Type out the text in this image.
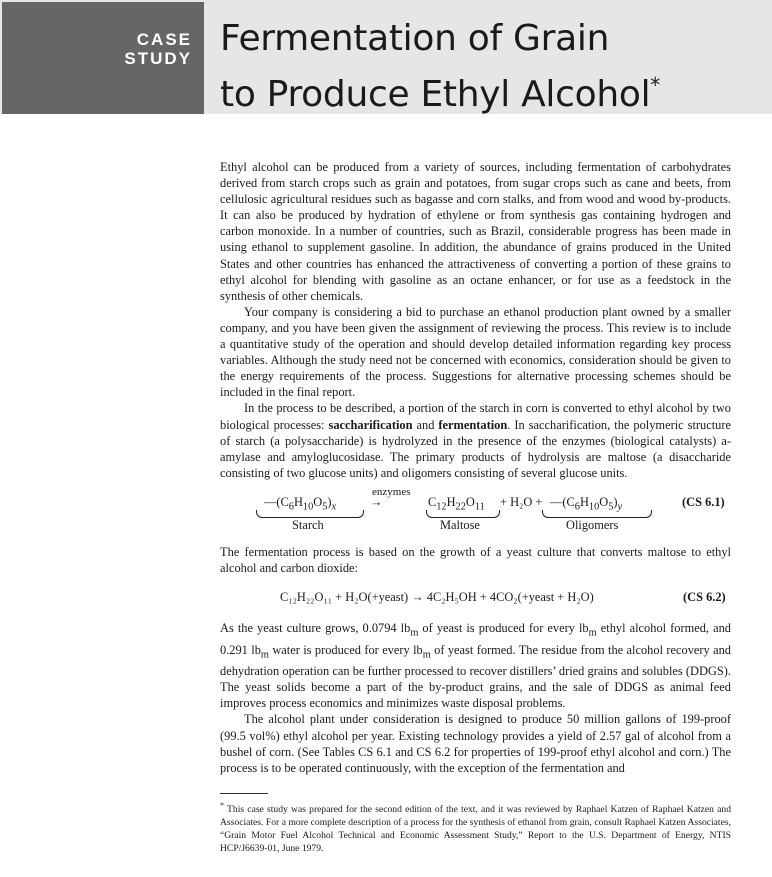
CASE
STUDY Fermentation of Grain
to Produce Ethyl Alcohol*

Ethyl alcohol can be produced from a variety of sources, including fermentation of carbohydrates derived from starch crops such as grain and potatoes, from sugar crops such as cane and beets, from cellulosic agricultural residues such as bagasse and corn stalks, and from wood and wood by-products. It can also be produced by hydration of ethylene or from synthesis gas containing hydrogen and carbon monoxide. In a number of countries, such as Brazil, considerable progress has been made in using ethanol to supplement gasoline. In addition, the abundance of grains produced in the United States and other countries has enhanced the attractiveness of converting a portion of these grains to ethyl alcohol for blending with gasoline as an octane enhancer, or for use as a feedstock in the synthesis of other chemicals.

Your company is considering a bid to purchase an ethanol production plant owned by a smaller company, and you have been given the assignment of reviewing the process. This review is to include a quantitative study of the operation and should develop detailed information regarding key process variables. Although the study need not be concerned with economics, consideration should be given to the energy requirements of the process. Suggestions for alternative processing schemes should be included in the final report.

In the process to be described, a portion of the starch in corn is converted to ethyl alcohol by two biological processes: saccharification and fermentation. In saccharification, the polymeric structure of starch (a polysaccharide) is hydrolyzed in the presence of the enzymes (biological catalysts) a-amylase and amyloglucosidase. The primary products of hydrolysis are maltose (a disaccharide consisting of two glucose units) and oligomers consisting of several glucose units.

$—(C_6H_{10}O_5)_x$
Starch
enzymes
→	$C_{12}H_{22}O_{11}$
Maltose
+ $H_2O + —(C_6H_{10}O_5)_y$
Oligomers
(CS 6.1)

The fermentation process is based on the growth of a yeast culture that converts maltose to ethyl alcohol and carbon dioxide:

C₁₂H₂₂O₁₁ + H₂O(+yeast) → 4C₂H₅OH + 4CO₂(+yeast + H₂O)	(CS 6.2)

As the yeast culture grows, 0.0794 $lb_m$ of yeast is produced for every $lb_m$ ethyl alcohol formed, and 0.291 $lb_m$ water is produced for every $lb_m$ of yeast formed. The residue from the alcohol recovery and dehydration operation can be further processed to recover distillers’ dried grains and solubles (DDGS). The yeast solids become a part of the by-product grains, and the sale of DDGS as animal feed improves process economics and minimizes waste disposal problems.

The alcohol plant under consideration is designed to produce 50 million gallons of 199-proof (99.5 vol%) ethyl alcohol per year. Existing technology provides a yield of 2.57 gal of alcohol from a bushel of corn. (See Tables CS 6.1 and CS 6.2 for properties of 199-proof ethyl alcohol and corn.) The process is to be operated continuously, with the exception of the fermentation and

* This case study was prepared for the second edition of the text, and it was reviewed by Raphael Katzen of Raphael Katzen and Associates. For a more complete description of a process for the synthesis of ethanol from grain, consult Raphael Katzen Associates, “Grain Motor Fuel Alcohol Technical and Economic Assessment Study,” Report to the U.S. Department of Energy, NTIS HCP/J6639-01, June 1979.
